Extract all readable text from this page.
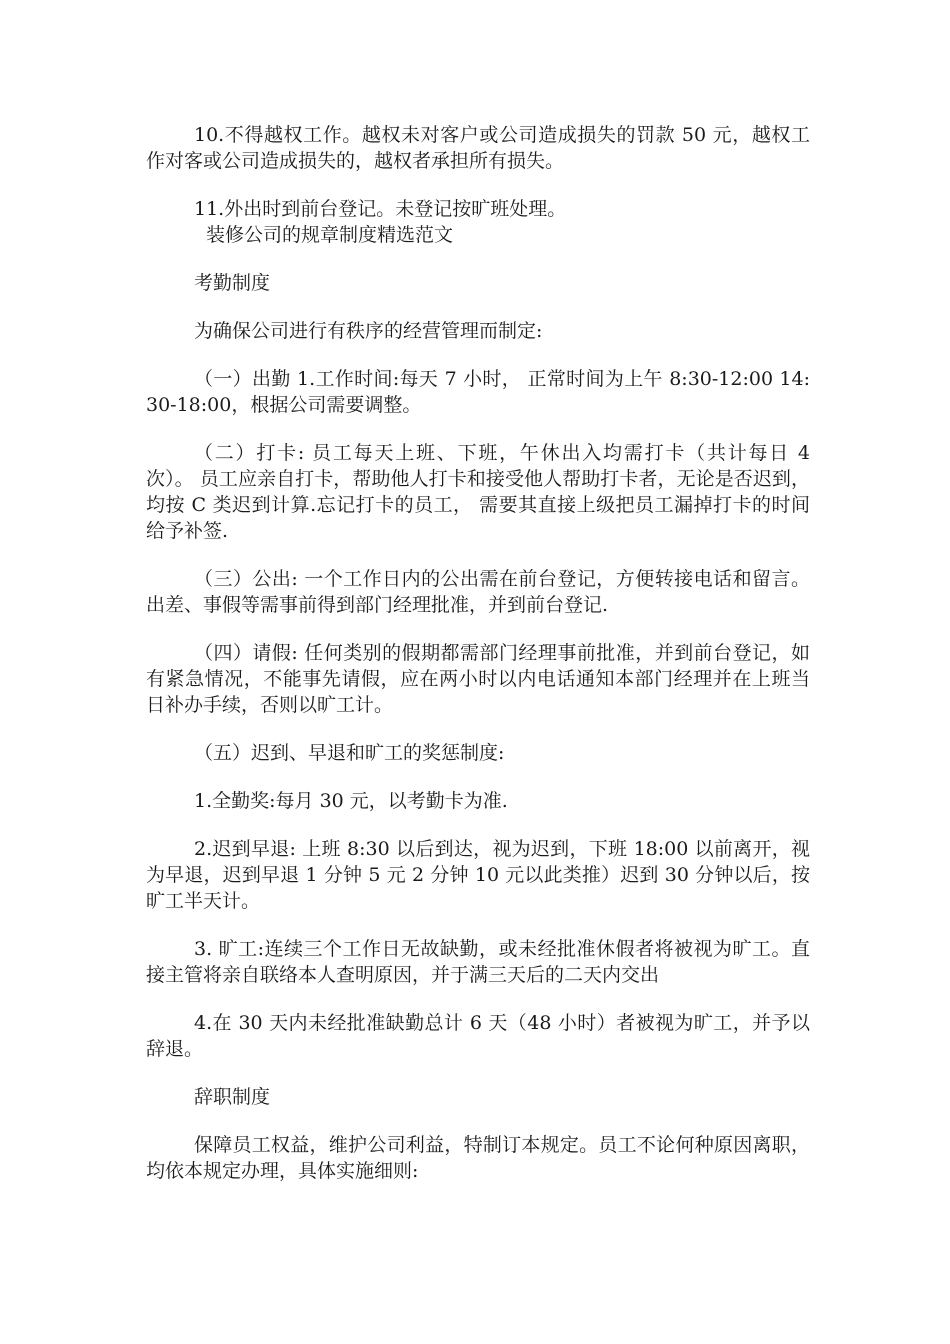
10.不得越权工作。越权未对客户或公司造成损失的罚款 50 元，越权工作对客或公司造成损失的，越权者承担所有损失。

11.外出时到前台登记。未登记按旷班处理。

装修公司的规章制度精选范文

考勤制度

为确保公司进行有秩序的经营管理而制定:

（一）出勤 1.工作时间:每天 7 小时， 正常时间为上午 8:30-12:00 14:30-18:00，根据公司需要调整。

（二）打卡: 员工每天上班、下班，午休出入均需打卡（共计每日 4 次）。 员工应亲自打卡，帮助他人打卡和接受他人帮助打卡者，无论是否迟到， 均按 C 类迟到计算.忘记打卡的员工， 需要其直接上级把员工漏掉打卡的时间给予补签.

（三）公出: 一个工作日内的公出需在前台登记，方便转接电话和留言。出差、事假等需事前得到部门经理批准，并到前台登记.

（四）请假: 任何类别的假期都需部门经理事前批准，并到前台登记，如有紧急情况，不能事先请假，应在两小时以内电话通知本部门经理并在上班当日补办手续，否则以旷工计。

（五）迟到、早退和旷工的奖惩制度:

1.全勤奖:每月 30 元，以考勤卡为准.

2.迟到早退: 上班 8:30 以后到达，视为迟到，下班 18:00 以前离开，视为早退，迟到早退 1 分钟 5 元 2 分钟 10 元以此类推）迟到 30 分钟以后，按旷工半天计。

3. 旷工:连续三个工作日无故缺勤，或未经批准休假者将被视为旷工。直接主管将亲自联络本人查明原因，并于满三天后的二天内交出

4.在 30 天内未经批准缺勤总计 6 天（48 小时）者被视为旷工，并予以辞退。

辞职制度

保障员工权益，维护公司利益，特制订本规定。员工不论何种原因离职，均依本规定办理，具体实施细则:
